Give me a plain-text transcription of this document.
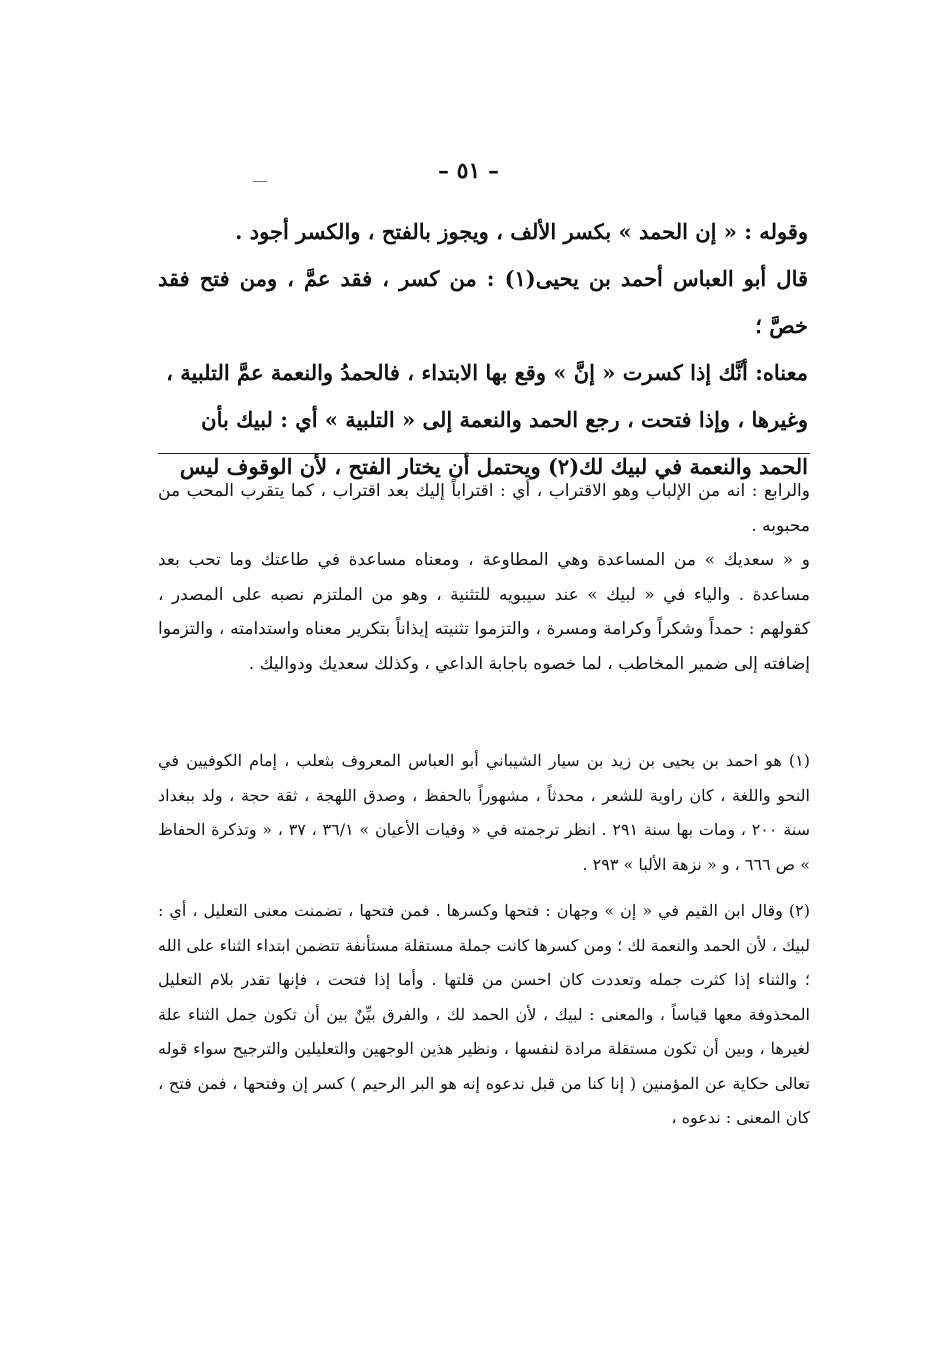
– ٥١ –

وقوله : « إن الحمد » بكسر الألف ، ويجوز بالفتح ، والكسر أجود .

قال أبو العباس أحمد بن يحيى(١) : من كسر ، فقد عمَّ ، ومن فتح فقد خصَّ ؛

معناه: أنَّك إذا كسرت « إنَّ » وقع بها الابتداء ، فالحمدُ والنعمة عمَّ التلبية ،

وغيرها ، وإذا فتحت ، رجع الحمد والنعمة إلى « التلبية » أي : لبيك بأن

الحمد والنعمة في لبيك لك(٢) ويحتمل أن يختار الفتح ، لأن الوقوف ليس

والرابع : انه من الإلباب وهو الاقتراب ، أي : اقتراباً إليك بعد اقتراب ، كما يتقرب المحب من محبوبه .

و « سعديك » من المساعدة وهي المطاوعة ، ومعناه مساعدة في طاعتك وما تحب بعد مساعدة . والياء في « لبيك » عند سيبويه للتثنية ، وهو من الملتزم نصبه على المصدر ، كقولهم : حمداً وشكراً وكرامة ومسرة ، والتزموا تثنيته إيذاناً بتكرير معناه واستدامته ، والتزموا إضافته إلى ضمير المخاطب ، لما خصوه باجابة الداعي ، وكذلك سعديك ودواليك .

(١) هو احمد بن يحيى بن زيد بن سيار الشيباني أبو العباس المعروف بثعلب ، إمام الكوفيين في النحو واللغة ، كان راوية للشعر ، محدثاً ، مشهوراً بالحفظ ، وصدق اللهجة ، ثقة حجة ، ولد ببغداد سنة ٢٠٠ ، ومات بها سنة ٢٩١ . انظر ترجمته في « وفيات الأعيان » ٣٦/١ ، ٣٧ ، « وتذكرة الحفاظ » ص ٦٦٦ ، و « نزهة الألبا » ٢٩٣ .

(٢) وقال ابن القيم في « إن » وجهان : فتحها وكسرها . فمن فتحها ، تضمنت معنى التعليل ، أي : لبيك ، لأن الحمد والنعمة لك ؛ ومن كسرها كانت جملة مستقلة مستأنفة تتضمن ابتداء الثناء على الله ؛ والثناء إذا كثرت جمله وتعددت كان احسن من قلتها . وأما إذا فتحت ، فإنها تقدر بلام التعليل المحذوفة معها قياساً ، والمعنى : لبيك ، لأن الحمد لك ، والفرق بيِّنٌ بين أن تكون جمل الثناء علة لغيرها ، وبين أن تكون مستقلة مرادة لنفسها ، ونظير هذين الوجهين والتعليلين والترجيح سواء قوله تعالى حكاية عن المؤمنين ( إنا كنا من قبل ندعوه إنه هو البر الرحيم ) كسر إن وفتحها ، فمن فتح ، كان المعنى : ندعوه ،
